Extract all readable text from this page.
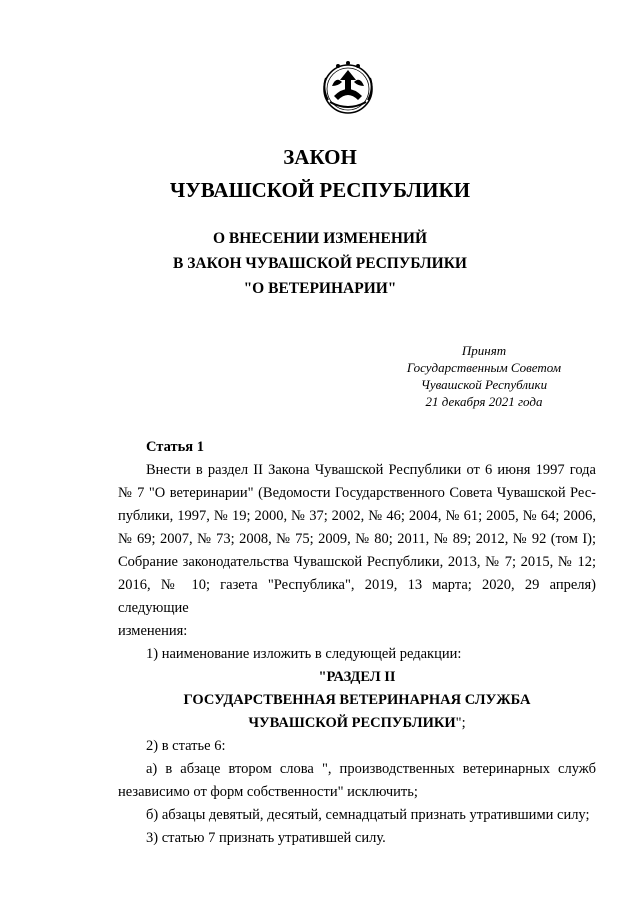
ЗАКОН
ЧУВАШСКОЙ РЕСПУБЛИКИ
О ВНЕСЕНИИ ИЗМЕНЕНИЙ
В ЗАКОН ЧУВАШСКОЙ РЕСПУБЛИКИ
"О ВЕТЕРИНАРИИ"
Принят
Государственным Советом
Чувашской Республики
21 декабря 2021 года
Статья 1
Внести в раздел II Закона Чувашской Республики от 6 июня 1997 года
№ 7 "О ветеринарии" (Ведомости Государственного Совета Чувашской Рес-
публики, 1997, № 19; 2000, № 37; 2002, № 46; 2004, № 61; 2005, № 64; 2006,
№ 69; 2007, № 73; 2008, № 75; 2009, № 80; 2011, № 89; 2012, № 92 (том I);
Собрание законодательства Чувашской Республики, 2013, № 7; 2015, № 12;
2016, № 10; газета "Республика", 2019, 13 марта; 2020, 29 апреля) следующие
изменения:
1) наименование изложить в следующей редакции:
"РАЗДЕЛ II
ГОСУДАРСТВЕННАЯ ВЕТЕРИНАРНАЯ СЛУЖБА
ЧУВАШСКОЙ РЕСПУБЛИКИ";
2) в статье 6:
а) в абзаце втором слова ", производственных ветеринарных служб
независимо от форм собственности" исключить;
б) абзацы девятый, десятый, семнадцатый признать утратившими силу;
3) статью 7 признать утратившей силу.
